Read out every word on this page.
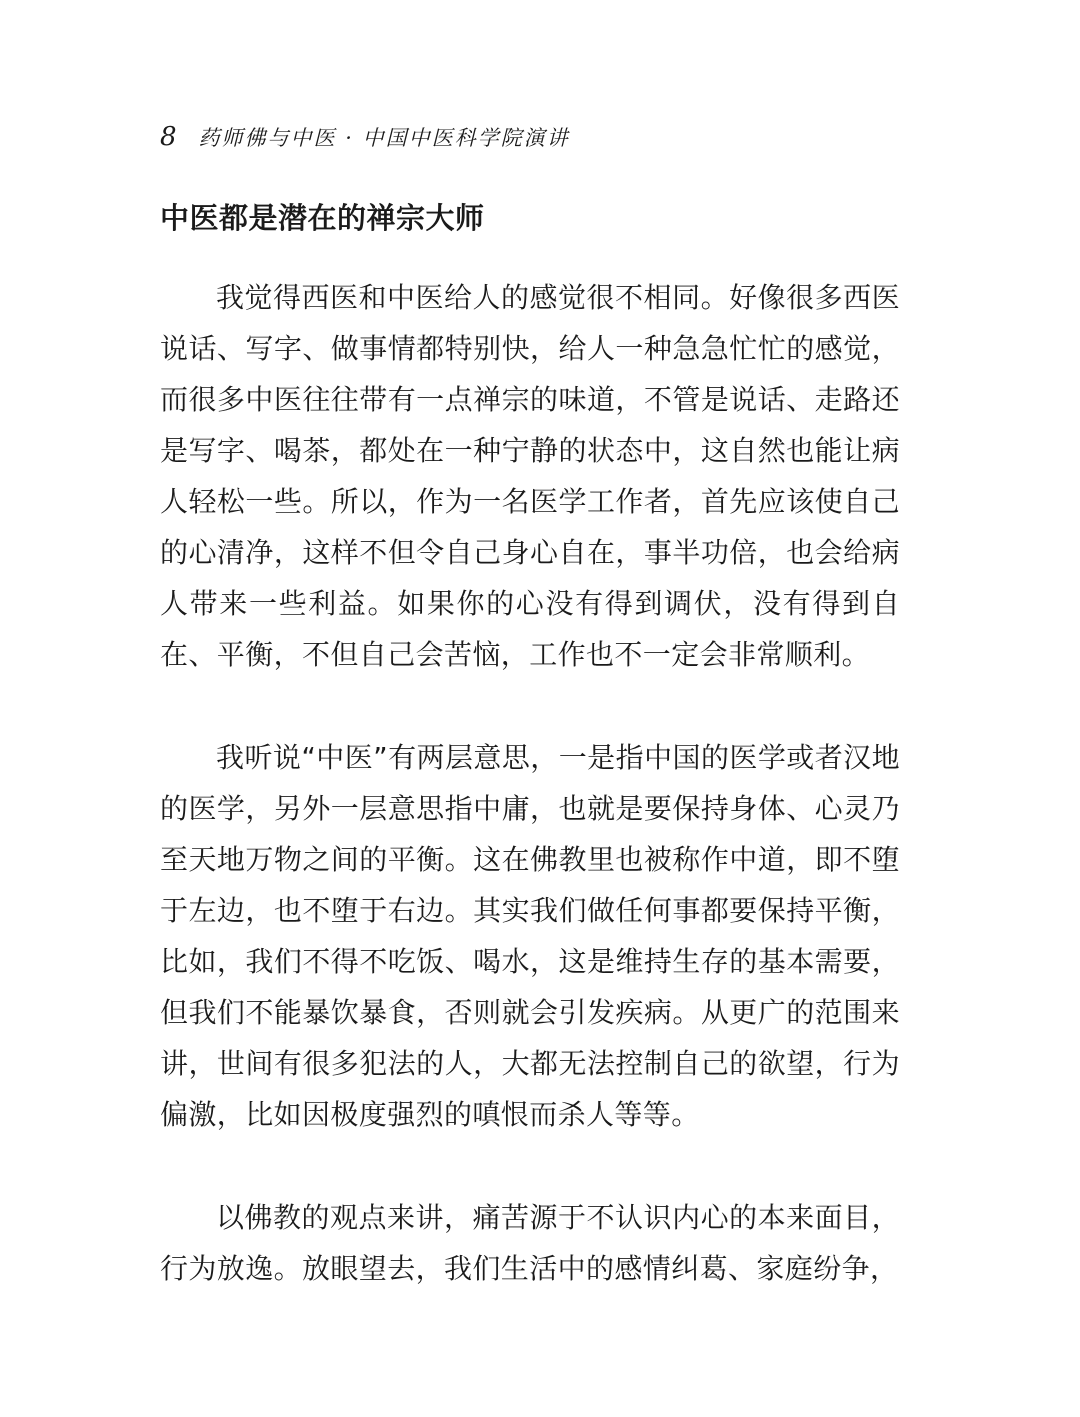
8 药师佛与中医 · 中国中医科学院演讲
中医都是潜在的禅宗大师

我觉得西医和中医给人的感觉很不相同。好像很多西医说话、写字、做事情都特别快，给人一种急急忙忙的感觉，而很多中医往往带有一点禅宗的味道，不管是说话、走路还是写字、喝茶，都处在一种宁静的状态中，这自然也能让病人轻松一些。所以，作为一名医学工作者，首先应该使自己的心清净，这样不但令自己身心自在，事半功倍，也会给病人带来一些利益。如果你的心没有得到调伏，没有得到自在、平衡，不但自己会苦恼，工作也不一定会非常顺利。

我听说“中医”有两层意思，一是指中国的医学或者汉地的医学，另外一层意思指中庸，也就是要保持身体、心灵乃至天地万物之间的平衡。这在佛教里也被称作中道，即不堕于左边，也不堕于右边。其实我们做任何事都要保持平衡，比如，我们不得不吃饭、喝水，这是维持生存的基本需要，但我们不能暴饮暴食，否则就会引发疾病。从更广的范围来讲，世间有很多犯法的人，大都无法控制自己的欲望，行为偏激，比如因极度强烈的嗔恨而杀人等等。

以佛教的观点来讲，痛苦源于不认识内心的本来面目，行为放逸。放眼望去，我们生活中的感情纠葛、家庭纷争，
